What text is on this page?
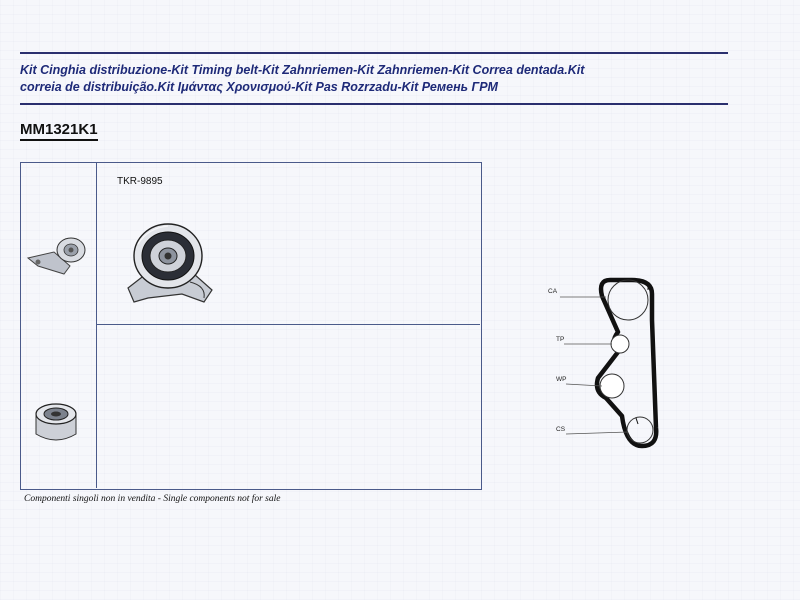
Kit Cinghia distribuzione-Kit Timing belt-Kit Zahnriemen-Kit Zahnriemen-Kit Correa dentada.Kit
correia de distribuição.Kit Ιμάντας Χρονισμού-Kit Pas Rozrzadu-Kit Ремень ГРМ
MM1321K1
TKR-9895
CA
TP
WP
CS
Componenti singoli non in vendita - Single components not for sale
